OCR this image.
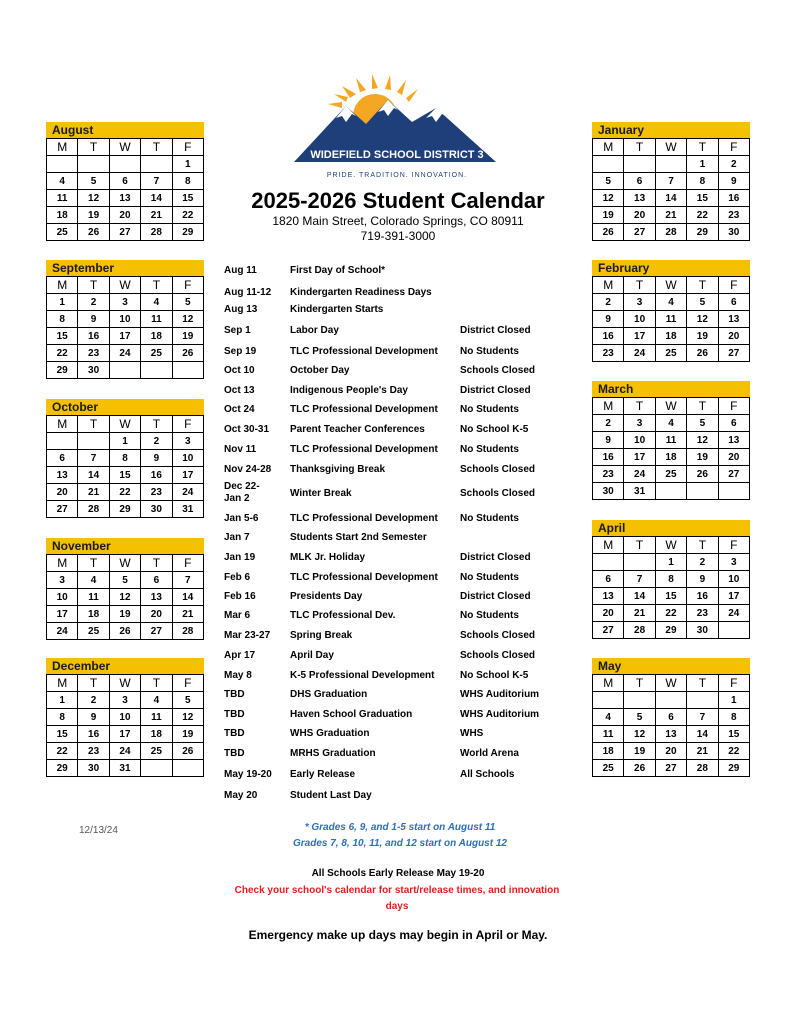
WIDEFIELD SCHOOL DISTRICT 3
PRIDE. TRADITION. INNOVATION.
2025-2026 Student Calendar
1820 Main Street, Colorado Springs, CO 80911
719-391-3000
August
M	T	W	T	F
				1
4	5	6	7	8
11	12	13	14	15
18	19	20	21	22
25	26	27	28	29
September
M	T	W	T	F
1	2	3	4	5
8	9	10	11	12
15	16	17	18	19
22	23	24	25	26
29	30			
October
M	T	W	T	F
		1	2	3
6	7	8	9	10
13	14	15	16	17
20	21	22	23	24
27	28	29	30	31
November
M	T	W	T	F
3	4	5	6	7
10	11	12	13	14
17	18	19	20	21
24	25	26	27	28
December
M	T	W	T	F
1	2	3	4	5
8	9	10	11	12
15	16	17	18	19
22	23	24	25	26
29	30	31		
January
M	T	W	T	F
			1	2
5	6	7	8	9
12	13	14	15	16
19	20	21	22	23
26	27	28	29	30
February
M	T	W	T	F
2	3	4	5	6
9	10	11	12	13
16	17	18	19	20
23	24	25	26	27
March
M	T	W	T	F
2	3	4	5	6
9	10	11	12	13
16	17	18	19	20
23	24	25	26	27
30	31			
April
M	T	W	T	F
		1	2	3
6	7	8	9	10
13	14	15	16	17
20	21	22	23	24
27	28	29	30	
May
M	T	W	T	F
				1
4	5	6	7	8
11	12	13	14	15
18	19	20	21	22
25	26	27	28	29
Aug 11	First Day of School*
Aug 11-12	Kindergarten Readiness Days
Aug 13	Kindergarten Starts
Sep 1	Labor Day	District Closed
Sep 19	TLC Professional Development	No Students
Oct 10	October Day	Schools Closed
Oct 13	Indigenous People's Day	District Closed
Oct 24	TLC Professional Development	No Students
Oct 30-31	Parent Teacher Conferences	No School K-5
Nov 11	TLC Professional Development	No Students
Nov 24-28	Thanksgiving Break	Schools Closed
Dec 22-Jan 2	Winter Break	Schools Closed
Jan 5-6	TLC Professional Development	No Students
Jan 7	Students Start 2nd Semester
Jan 19	MLK Jr. Holiday	District Closed
Feb 6	TLC Professional Development	No Students
Feb 16	Presidents Day	District Closed
Mar 6	TLC Professional Dev.	No Students
Mar 23-27	Spring Break	Schools Closed
Apr 17	April Day	Schools Closed
May 8	K-5 Professional Development	No School K-5
TBD	DHS Graduation	WHS Auditorium
TBD	Haven School Graduation	WHS Auditorium
TBD	WHS Graduation	WHS
TBD	MRHS Graduation	World Arena
May 19-20	Early Release	All Schools
May 20	Student Last Day
12/13/24	* Grades 6, 9, and 1-5 start on August 11
Grades 7, 8, 10, 11, and 12 start on August 12
All Schools Early Release May 19-20
Check your school's calendar for start/release times, and innovation days
Emergency make up days may begin in April or May.
